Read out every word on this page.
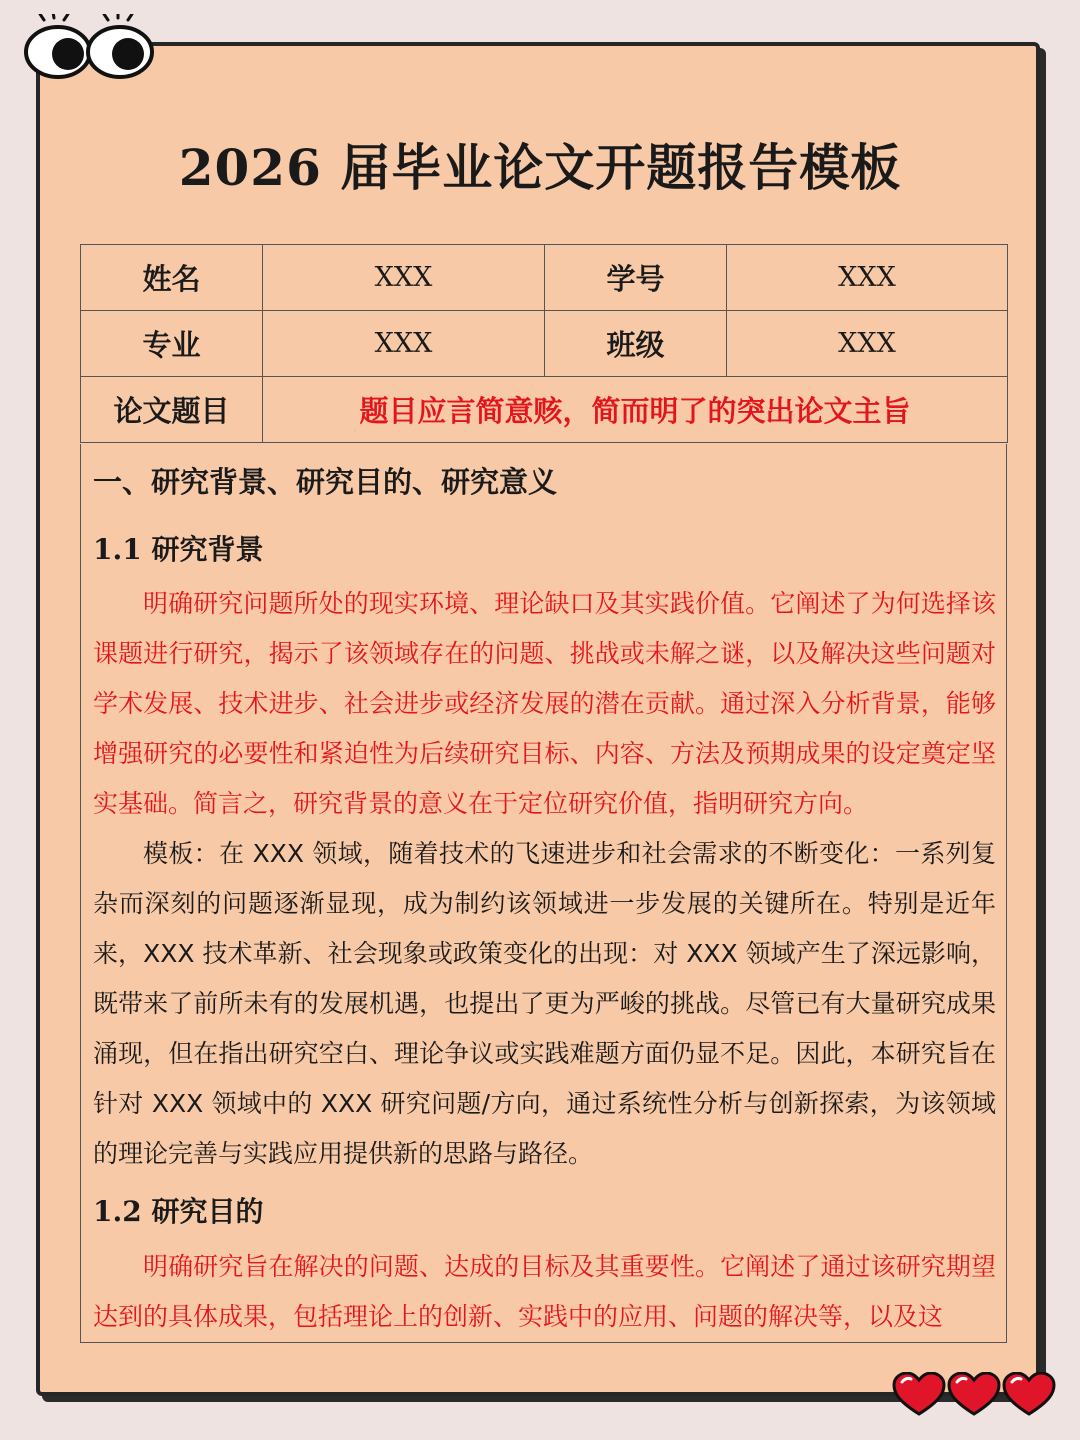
2026 届毕业论文开题报告模板
姓名	XXX	学号	XXX
专业	XXX	班级	XXX
论文题目	题目应言简意赅，简而明了的突出论文主旨		
一、研究背景、研究目的、研究意义
1.1 研究背景

明确研究问题所处的现实环境、理论缺口及其实践价值。它阐述了为何选择该课题进行研究，揭示了该领域存在的问题、挑战或未解之谜，以及解决这些问题对学术发展、技术进步、社会进步或经济发展的潜在贡献。通过深入分析背景，能够增强研究的必要性和紧迫性为后续研究目标、内容、方法及预期成果的设定奠定坚实基础。简言之，研究背景的意义在于定位研究价值，指明研究方向。

模板：在 XXX 领域，随着技术的飞速进步和社会需求的不断变化：一系列复杂而深刻的问题逐渐显现，成为制约该领域进一步发展的关键所在。特别是近年来，XXX 技术革新、社会现象或政策变化的出现：对 XXX 领域产生了深远影响，既带来了前所未有的发展机遇，也提出了更为严峻的挑战。尽管已有大量研究成果涌现，但在指出研究空白、理论争议或实践难题方面仍显不足。因此，本研究旨在针对 XXX 领域中的 XXX 研究问题/方向，通过系统性分析与创新探索，为该领域的理论完善与实践应用提供新的思路与路径。

1.2 研究目的

明确研究旨在解决的问题、达成的目标及其重要性。它阐述了通过该研究期望达到的具体成果，包括理论上的创新、实践中的应用、问题的解决等，以及这
